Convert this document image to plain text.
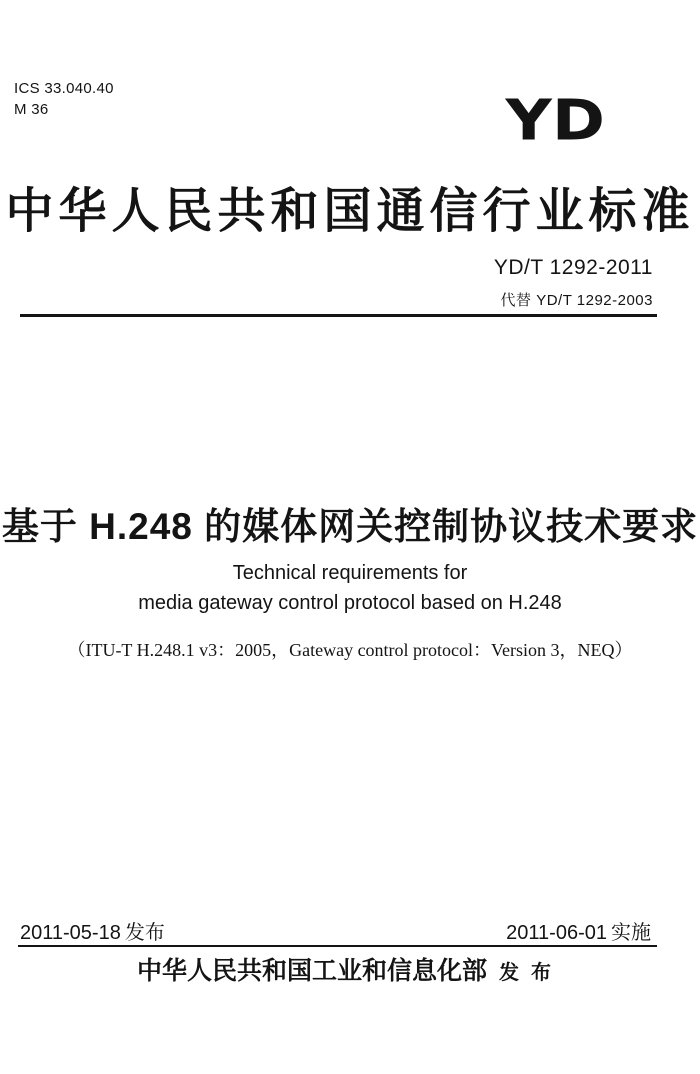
ICS 33.040.40
M 36	YD
中华人民共和国通信行业标准
YD/T 1292-2011
代替 YD/T 1292-2003
基于 H.248 的媒体网关控制协议技术要求
Technical requirements for
media gateway control protocol based on H.248
（ITU-T H.248.1 v3：2005，Gateway control protocol：Version 3，NEQ）
2011-05-18 发布	2011-06-01 实施
中华人民共和国工业和信息化部 发布
